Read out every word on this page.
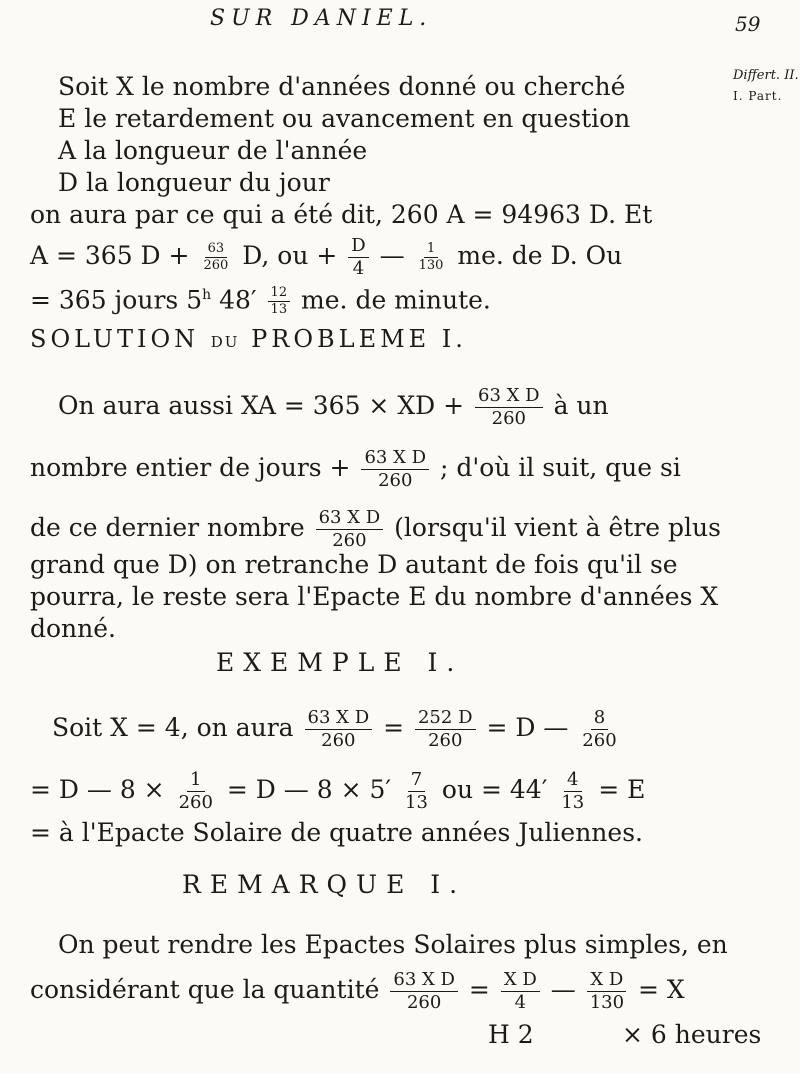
SUR DANIEL.	59
Differt. II.
I. Part.
Soit X le nombre d'années donné ou cherché
E le retardement ou avancement en question
A la longueur de l'année
D la longueur du jour
on aura par ce qui a été dit, 260 A = 94963 D. Et
A = 365 $D + \frac{63}{260} D$, ou + $\frac{D}{4}$ — $\frac{1}{130}$ me. de D. Ou
= 365 jours 5$^h$ $48' \frac{12}{13}$ me. de minute.
SOLUTION DU PROBLEME I.
On aura aussi XA = 365 × XD + $\frac{\text{63 X D}}{260}$ à un
nombre entier de jours + $\frac{\text{63 X D}}{260}$ ; d'où il suit, que si
de ce dernier nombre $\frac{\text{63 X D}}{260}$ (lorsqu'il vient à être plus
grand que D) on retranche D autant de fois qu'il se
pourra, le reste sera l'Epacte E du nombre d'années X
donné.
EXEMPLE I.
Soit X = 4, on aura $\frac{\text{63 X D}}{260} = \frac{252 D}{260} = D$ — $\frac{8}{260}$
= D — $8 \times \frac{1}{260} = D$ — $8 \times 5' \frac{7}{13}$ ou = $44' \frac{4}{13} = E$
= à l'Epacte Solaire de quatre années Juliennes.
REMARQUE I.
On peut rendre les Epactes Solaires plus simples, en
considérant que la quantité $\frac{\text{63 X D}}{260} = \frac{\text{X D}}{4}$ — $\frac{\text{X D}}{130} = X$
H 2	× 6 heures
